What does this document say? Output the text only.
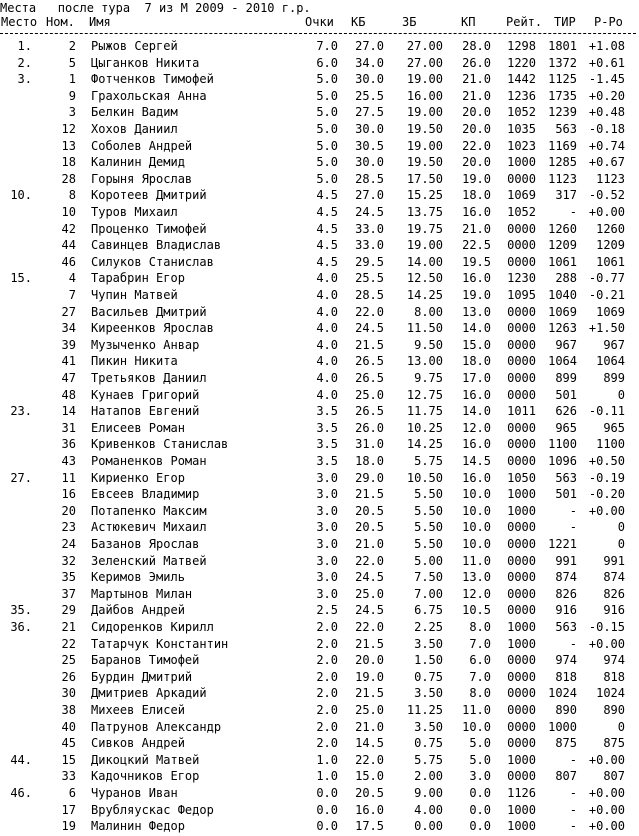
Места   после тура  7 из М 2009 - 2010 г.р.
Место Ном. Имя	Очки КБ	ЗБ	КП	Рейт. ТИР Р-Ро
1.	2 Рыжов Сергей	7.0 27.0 27.00 28.0 1298 1801 +1.08
2.	5 Цыганков Никита	6.0 34.0 27.00 26.0 1220 1372 +0.61
3.	1 Фотченков Тимофей	5.0 30.0 19.00 21.0 1442 1125 -1.45
9 Грахольская Анна	5.0 25.5 16.00 21.0 1236 1735 +0.20
3 Белкин Вадим	5.0 27.5 19.00 20.0 1052 1239 +0.48
12 Хохов Даниил	5.0 30.0 19.50 20.0 1035 563 -0.18
13 Соболев Андрей	5.0 30.5 19.00 22.0 1023 1169 +0.74
18 Калинин Демид	5.0 30.0 19.50 20.0 1000 1285 +0.67
28 Горыня Ярослав	5.0 28.5 17.50 19.0 0000 1123 1123
10.	8 Коротеев Дмитрий	4.5 27.0 15.25 18.0 1069 317 -0.52
10 Туров Михаил	4.5 24.5 13.75 16.0 1052	- +0.00
42 Проценко Тимофей	4.5 33.0 19.75 21.0 0000 1260 1260
44 Савинцев Владислав	4.5 33.0 19.00 22.5 0000 1209 1209
46 Силуков Станислав	4.5 29.5 14.00 19.5 0000 1061 1061
15.	4 Тарабрин Егор	4.0 25.5 12.50 16.0 1230 288 -0.77
7 Чупин Матвей	4.0 28.5 14.25 19.0 1095 1040 -0.21
27 Васильев Дмитрий	4.0 22.0	8.00 13.0 0000 1069 1069
34 Киреенков Ярослав	4.0 24.5 11.50 14.0 0000 1263 +1.50
39 Музыченко Анвар	4.0 21.5	9.50 15.0 0000 967 967
41 Пикин Никита	4.0 26.5 13.00 18.0 0000 1064 1064
47 Третьяков Даниил	4.0 26.5	9.75 17.0 0000 899 899
48 Кунаев Григорий	4.0 25.0 12.75 16.0 0000 501	0
23. 14 Натапов Евгений	3.5 26.5 11.75 14.0 1011 626 -0.11
31 Елисеев Роман	3.5 26.0 10.25 12.0 0000 965 965
36 Кривенков Станислав	3.5 31.0 14.25 16.0 0000 1100 1100
43 Романенков Роман	3.5 18.0	5.75 14.5 0000 1096 +0.50
27. 11 Кириенко Егор	3.0 29.0 10.50 16.0 1050 563 -0.19
16 Евсеев Владимир	3.0 21.5	5.50 10.0 1000 501 -0.20
20 Потапенко Максим	3.0 20.5	5.50 10.0 1000	- +0.00
23 Астюкевич Михаил	3.0 20.5	5.50 10.0 0000	-	0
24 Базанов Ярослав	3.0 21.0	5.50 10.0 0000 1221	0
32 Зеленский Матвей	3.0 22.0	5.00 11.0 0000 991 991
35 Керимов Эмиль	3.0 24.5	7.50 13.0 0000 874 874
37 Мартынов Милан	3.0 25.0	7.00 12.0 0000 826 826
35. 29 Дайбов Андрей	2.5 24.5	6.75 10.5 0000 916 916
36. 21 Сидоренков Кирилл	2.0 22.0	2.25 8.0 1000 563 -0.15
22 Татарчук Константин	2.0 21.5	3.50 7.0 1000	- +0.00
25 Баранов Тимофей	2.0 20.0	1.50 6.0 0000 974 974
26 Бурдин Дмитрий	2.0 19.0	0.75 7.0 0000 818 818
30 Дмитриев Аркадий	2.0 21.5	3.50 8.0 0000 1024 1024
38 Михеев Елисей	2.0 25.0 11.25 11.0 0000 890 890
40 Патрунов Александр	2.0 21.0	3.50 10.0 0000 1000	0
45 Сивков Андрей	2.0 14.5	0.75 5.0 0000 875 875
44. 15 Дикоцкий Матвей	1.0 22.0	5.75 5.0 1000	- +0.00
33 Кадочников Егор	1.0 15.0	2.00 3.0 0000 807 807
46.	6 Чуранов Иван	0.0 20.5	9.00 0.0 1126	- +0.00
17 Врубляускас Федор	0.0 16.0	4.00 0.0 1000	- +0.00
19 Малинин Федор	0.0 17.5	0.00 0.0 1000	- +0.00
